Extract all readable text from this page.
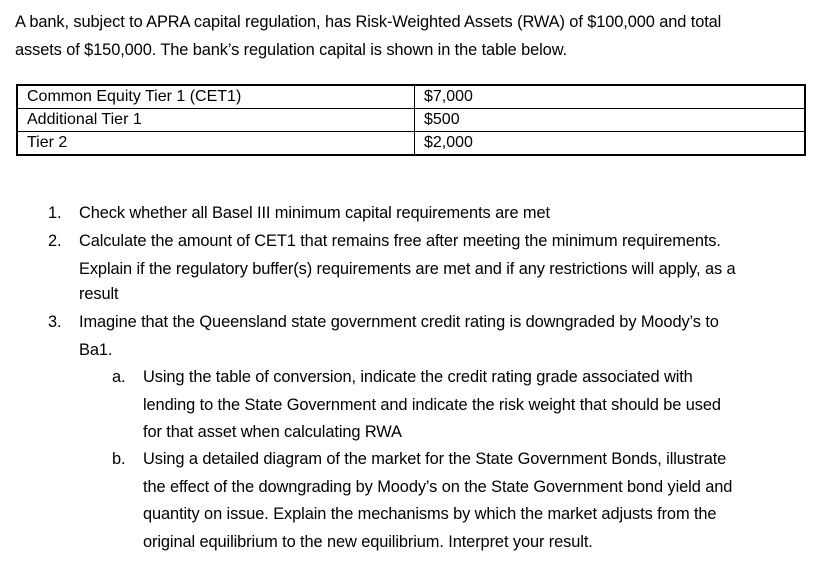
A bank, subject to APRA capital regulation, has Risk-Weighted Assets (RWA) of $100,000 and total

assets of $150,000. The bank’s regulation capital is shown in the table below.

Common Equity Tier 1 (CET1)	$7,000
Additional Tier 1	$500
Tier 2	$2,000
1. Check whether all Basel III minimum capital requirements are met
2. Calculate the amount of CET1 that remains free after meeting the minimum requirements.
Explain if the regulatory buffer(s) requirements are met and if any restrictions will apply, as a
result
3. Imagine that the Queensland state government credit rating is downgraded by Moody’s to
Ba1.
a. Using the table of conversion, indicate the credit rating grade associated with
lending to the State Government and indicate the risk weight that should be used
for that asset when calculating RWA
b. Using a detailed diagram of the market for the State Government Bonds, illustrate
the effect of the downgrading by Moody’s on the State Government bond yield and
quantity on issue. Explain the mechanisms by which the market adjusts from the
original equilibrium to the new equilibrium. Interpret your result.
